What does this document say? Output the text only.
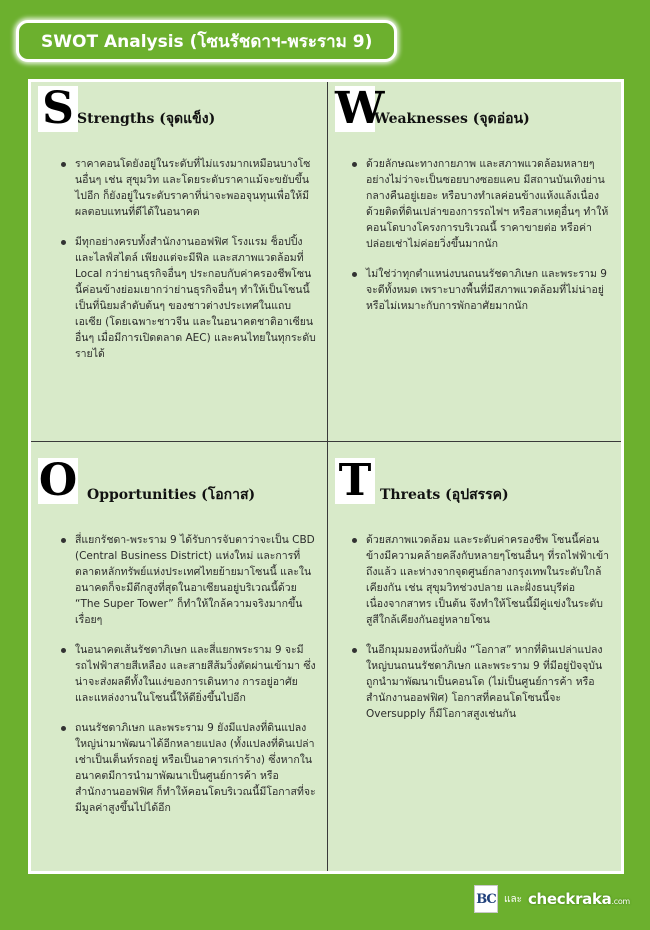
SWOT Analysis (โซนรัชดาฯ-พระราม 9)
S Strengths (จุดแข็ง)
ราคาคอนโดยังอยู่ในระดับที่ไม่แรงมากเหมือนบางโซนอื่นๆ เช่น สุขุมวิท และโดยระดับราคาแม้จะขยับขึ้นไปอีก ก็ยังอยู่ในระดับราคาที่น่าจะพออจุนทุนเพื่อให้มีผลตอบแทนที่ดีได้ในอนาคต
มีทุกอย่างครบทั้งสำนักงานออฟฟิศ โรงแรม ช็อปปิ้ง และไลฟ์สไตล์ เพียงแต่จะมีฟีล และสภาพแวดล้อมที่ Local กว่าย่านธุรกิจอื่นๆ ประกอบกับค่าครองชีพโซนนี้ค่อนข้างย่อมเยากว่าย่านธุรกิจอื่นๆ ทำให้เป็นโซนนี้เป็นที่นิยมลำดับต้นๆ ของชาวต่างประเทศในแถบเอเซีย (โดยเฉพาะชาวจีน และในอนาคตชาติอาเซียนอื่นๆ เมื่อมีการเปิดตลาด AEC) และคนไทยในทุกระดับรายได้
W
Weaknesses (จุดอ่อน)
ด้วยลักษณะทางกายภาพ และสภาพแวดล้อมหลายๆ อย่างไม่ว่าจะเป็นซอยบางซอยแคบ มีสถานบันเทิงย่านกลางคืนอยู่เยอะ หรือบางทำเลค่อนข้างแห้งแล้งเนื่องด้วยติดที่ดินเปล่าของการรถไฟฯ หรือสาเหตุอื่นๆ ทำให้คอนโดบางโครงการบริเวณนี้ ราคาขายต่อ หรือค่าปล่อยเช่าไม่ค่อยวิ่งขึ้นมากนัก
ไม่ใช่ว่าทุกตำแหน่งบนถนนรัชดาภิเษก และพระราม 9 จะดีทั้งหมด เพราะบางพื้นที่มีสภาพแวดล้อมที่ไม่น่าอยู่ หรือไม่เหมาะกับการพักอาศัยมากนัก
O Opportunities (โอกาส)
สี่แยกรัชดา-พระราม 9 ได้รับการจับตาว่าจะเป็น CBD (Central Business District) แห่งใหม่ และการที่ตลาดหลักทรัพย์แห่งประเทศไทยย้ายมาโซนนี้ และในอนาคตก็จะมีตึกสูงที่สุดในอาเซียนอยู่บริเวณนี้ด้วย “The Super Tower” ก็ทำให้ใกล้ความจริงมากขึ้นเรื่อยๆ
ในอนาคตเส้นรัชดาภิเษก และสี่แยกพระราม 9 จะมีรถไฟฟ้าสายสีเหลือง และสายสีส้มวิ่งตัดผ่านเข้ามา ซึ่งน่าจะส่งผลดีทั้งในแง่ของการเดินทาง การอยู่อาศัย และแหล่งงานในโซนนี้ให้ดียิ่งขึ้นไปอีก
ถนนรัชดาภิเษก และพระราม 9 ยังมีแปลงที่ดินแปลงใหญ่น่ามาพัฒนาได้อีกหลายแปลง (ทั้งแปลงที่ดินเปล่า เช่าเป็นเต็นท์รถอยู่ หรือเป็นอาคารเก่าร้าง) ซึ่งหากในอนาคตมีการนำมาพัฒนาเป็นศูนย์การค้า หรือสำนักงานออฟฟิศ ก็ทำให้คอนโดบริเวณนี้มีโอกาสที่จะมีมูลค่าสูงขึ้นไปได้อีก
T Threats (อุปสรรค)
ด้วยสภาพแวดล้อม และระดับค่าครองชีพ โซนนี้ค่อนข้างมีความคล้ายคลึงกับหลายๆโซนอื่นๆ ที่รถไฟฟ้าเข้าถึงแล้ว และห่างจากจุดศูนย์กลางกรุงเทพในระดับใกล้เคียงกัน เช่น สุขุมวิทช่วงปลาย และฝั่งธนบุรีต่อเนื่องจากสาทร เป็นต้น จึงทำให้โซนนี้มีคู่แข่งในระดับสูสีใกล้เคียงกันอยู่หลายโซน
ในอีกมุมมองหนึ่งกับฝั่ง “โอกาส” หากที่ดินเปล่าแปลงใหญ่บนถนนรัชดาภิเษก และพระราม 9 ที่มีอยู่ปัจจุบันถูกนำมาพัฒนาเป็นคอนโด (ไม่เป็นศูนย์การค้า หรือสำนักงานออฟฟิศ) โอกาสที่คอนโดโซนนี้จะ Oversupply ก็มีโอกาสสูงเช่นกัน
BC และ checkraka.com
